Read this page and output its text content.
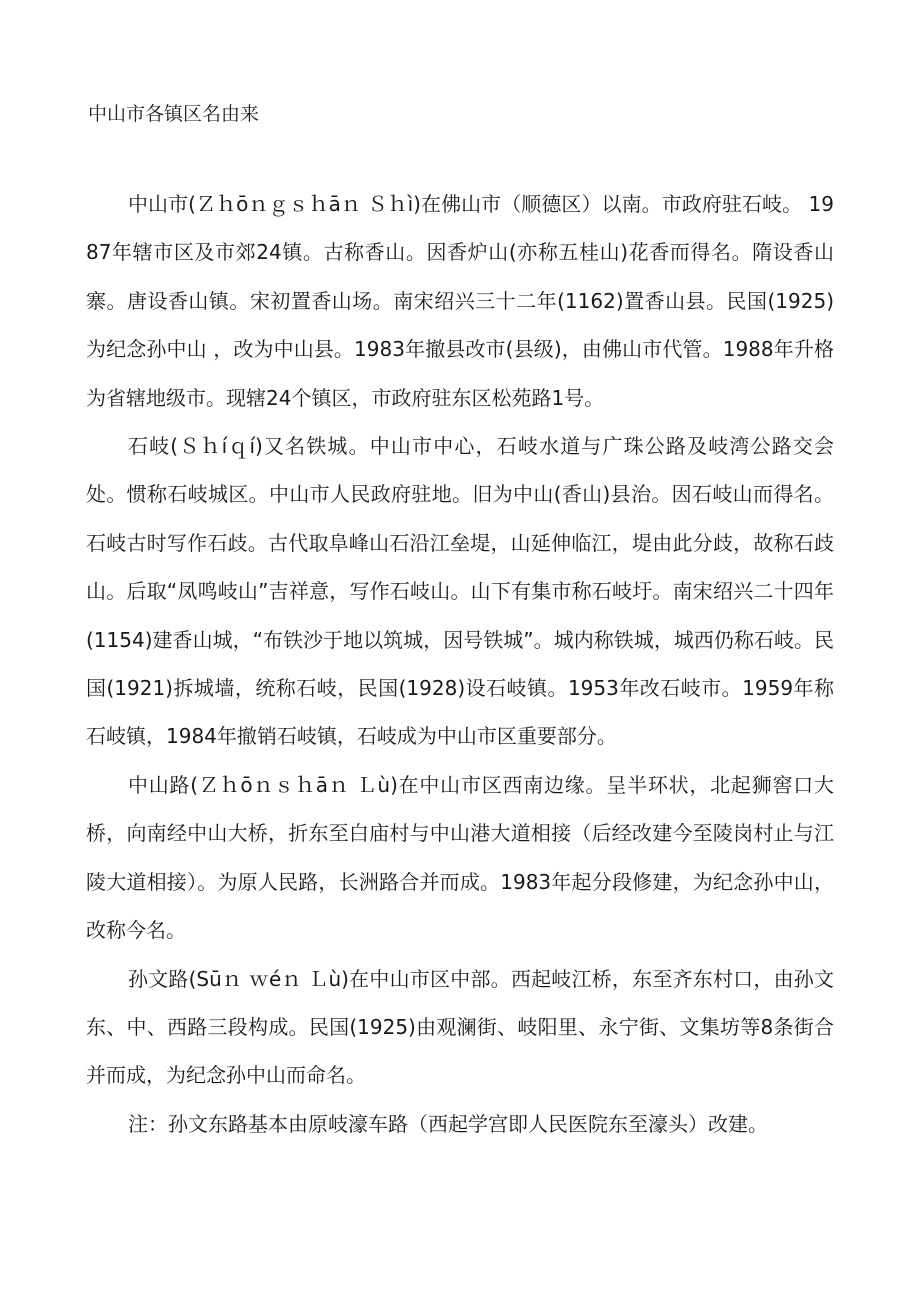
中山市各镇区名由来

中山市(Ｚｈōｎｇｓｈāｎ Ｓｈì)在佛山市（顺德区）以南。市政府驻石岐。 1987年辖市区及市郊24镇。古称香山。因香炉山(亦称五桂山)花香而得名。隋设香山寨。唐设香山镇。宋初置香山场。南宋绍兴三十二年(1162)置香山县。民国(1925)为纪念孙中山 ，改为中山县。1983年撤县改市(县级)，由佛山市代管。1988年升格为省辖地级市。现辖24个镇区，市政府驻东区松苑路1号。

石岐(Ｓｈíｑí)又名铁城。中山市中心，石岐水道与广珠公路及岐湾公路交会处。惯称石岐城区。中山市人民政府驻地。旧为中山(香山)县治。因石岐山而得名。石岐古时写作石歧。古代取阜峰山石沿江垒堤，山延伸临江，堤由此分歧，故称石歧山。后取“凤鸣岐山”吉祥意，写作石岐山。山下有集市称石岐圩。南宋绍兴二十四年(1154)建香山城，“布铁沙于地以筑城，因号铁城”。城内称铁城，城西仍称石岐。民国(1921)拆城墙，统称石岐，民国(1928)设石岐镇。1953年改石岐市。1959年称石岐镇，1984年撤销石岐镇，石岐成为中山市区重要部分。

中山路(Ｚｈōｎｓｈāｎ Ｌù)在中山市区西南边缘。呈半环状，北起狮窖口大桥，向南经中山大桥，折东至白庙村与中山港大道相接（后经改建今至陵岗村止与江陵大道相接）。为原人民路，长洲路合并而成。1983年起分段修建，为纪念孙中山，改称今名。

孙文路(Sūｎ ｗéｎ Ｌù)在中山市区中部。西起岐江桥，东至齐东村口，由孙文东、中、西路三段构成。民国(1925)由观澜街、岐阳里、永宁街、文集坊等8条街合并而成，为纪念孙中山而命名。

注：孙文东路基本由原岐濠车路（西起学宫即人民医院东至濠头）改建。
